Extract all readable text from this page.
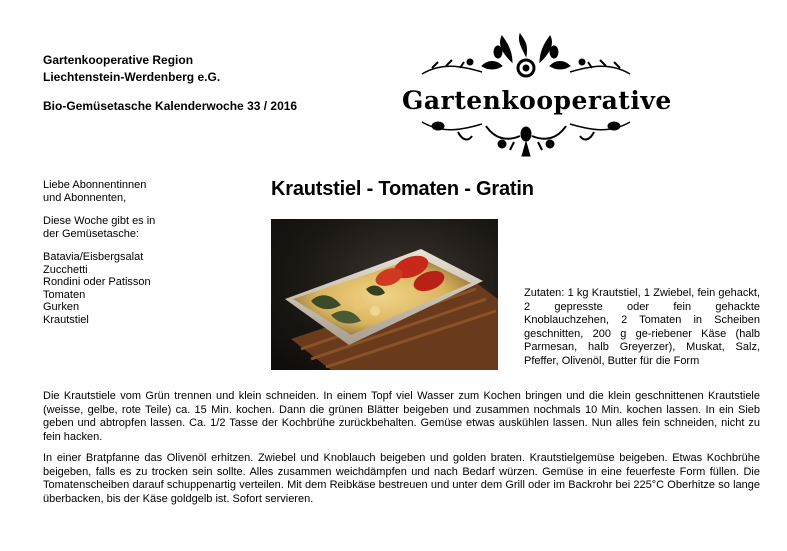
Gartenkooperative Region
Liechtenstein-Werdenberg e.G.
Bio-Gemüsetasche Kalenderwoche 33 / 2016	Gartenkooperative

Liebe Abonnentinnen und Abonnenten,

Diese Woche gibt es in der Gemüsetasche:

Batavia/Eisbergsalat
Zucchetti
Rondini oder Patisson
Tomaten
Gurken
Krautstiel
Krautstiel - Tomaten - Gratin
Zutaten: 1 kg Krautstiel, 1 Zwiebel, fein gehackt, 2 gepresste oder fein gehackte Knoblauchzehen, 2 Tomaten in Scheiben geschnitten, 200 g ge-riebener Käse (halb Parmesan, halb Greyerzer), Muskat, Salz, Pfeffer, Olivenöl, Butter für die Form

Die Krautstiele vom Grün trennen und klein schneiden. In einem Topf viel Wasser zum Kochen bringen und die klein geschnittenen Krautstiele (weisse, gelbe, rote Teile) ca. 15 Min. kochen. Dann die grünen Blätter beigeben und zusammen nochmals 10 Min. kochen lassen. In ein Sieb geben und abtropfen lassen. Ca. 1/2 Tasse der Kochbrühe zurückbehalten. Gemüse etwas auskühlen lassen. Nun alles fein schneiden, nicht zu fein hacken.

In einer Bratpfanne das Olivenöl erhitzen. Zwiebel und Knoblauch beigeben und golden braten. Krautstielgemüse beigeben. Etwas Kochbrühe beigeben, falls es zu trocken sein sollte. Alles zusammen weichdämpfen und nach Bedarf würzen. Gemüse in eine feuerfeste Form füllen. Die Tomatenscheiben darauf schuppenartig verteilen. Mit dem Reibkäse bestreuen und unter dem Grill oder im Backrohr bei 225°C Oberhitze so lange überbacken, bis der Käse goldgelb ist. Sofort servieren.
